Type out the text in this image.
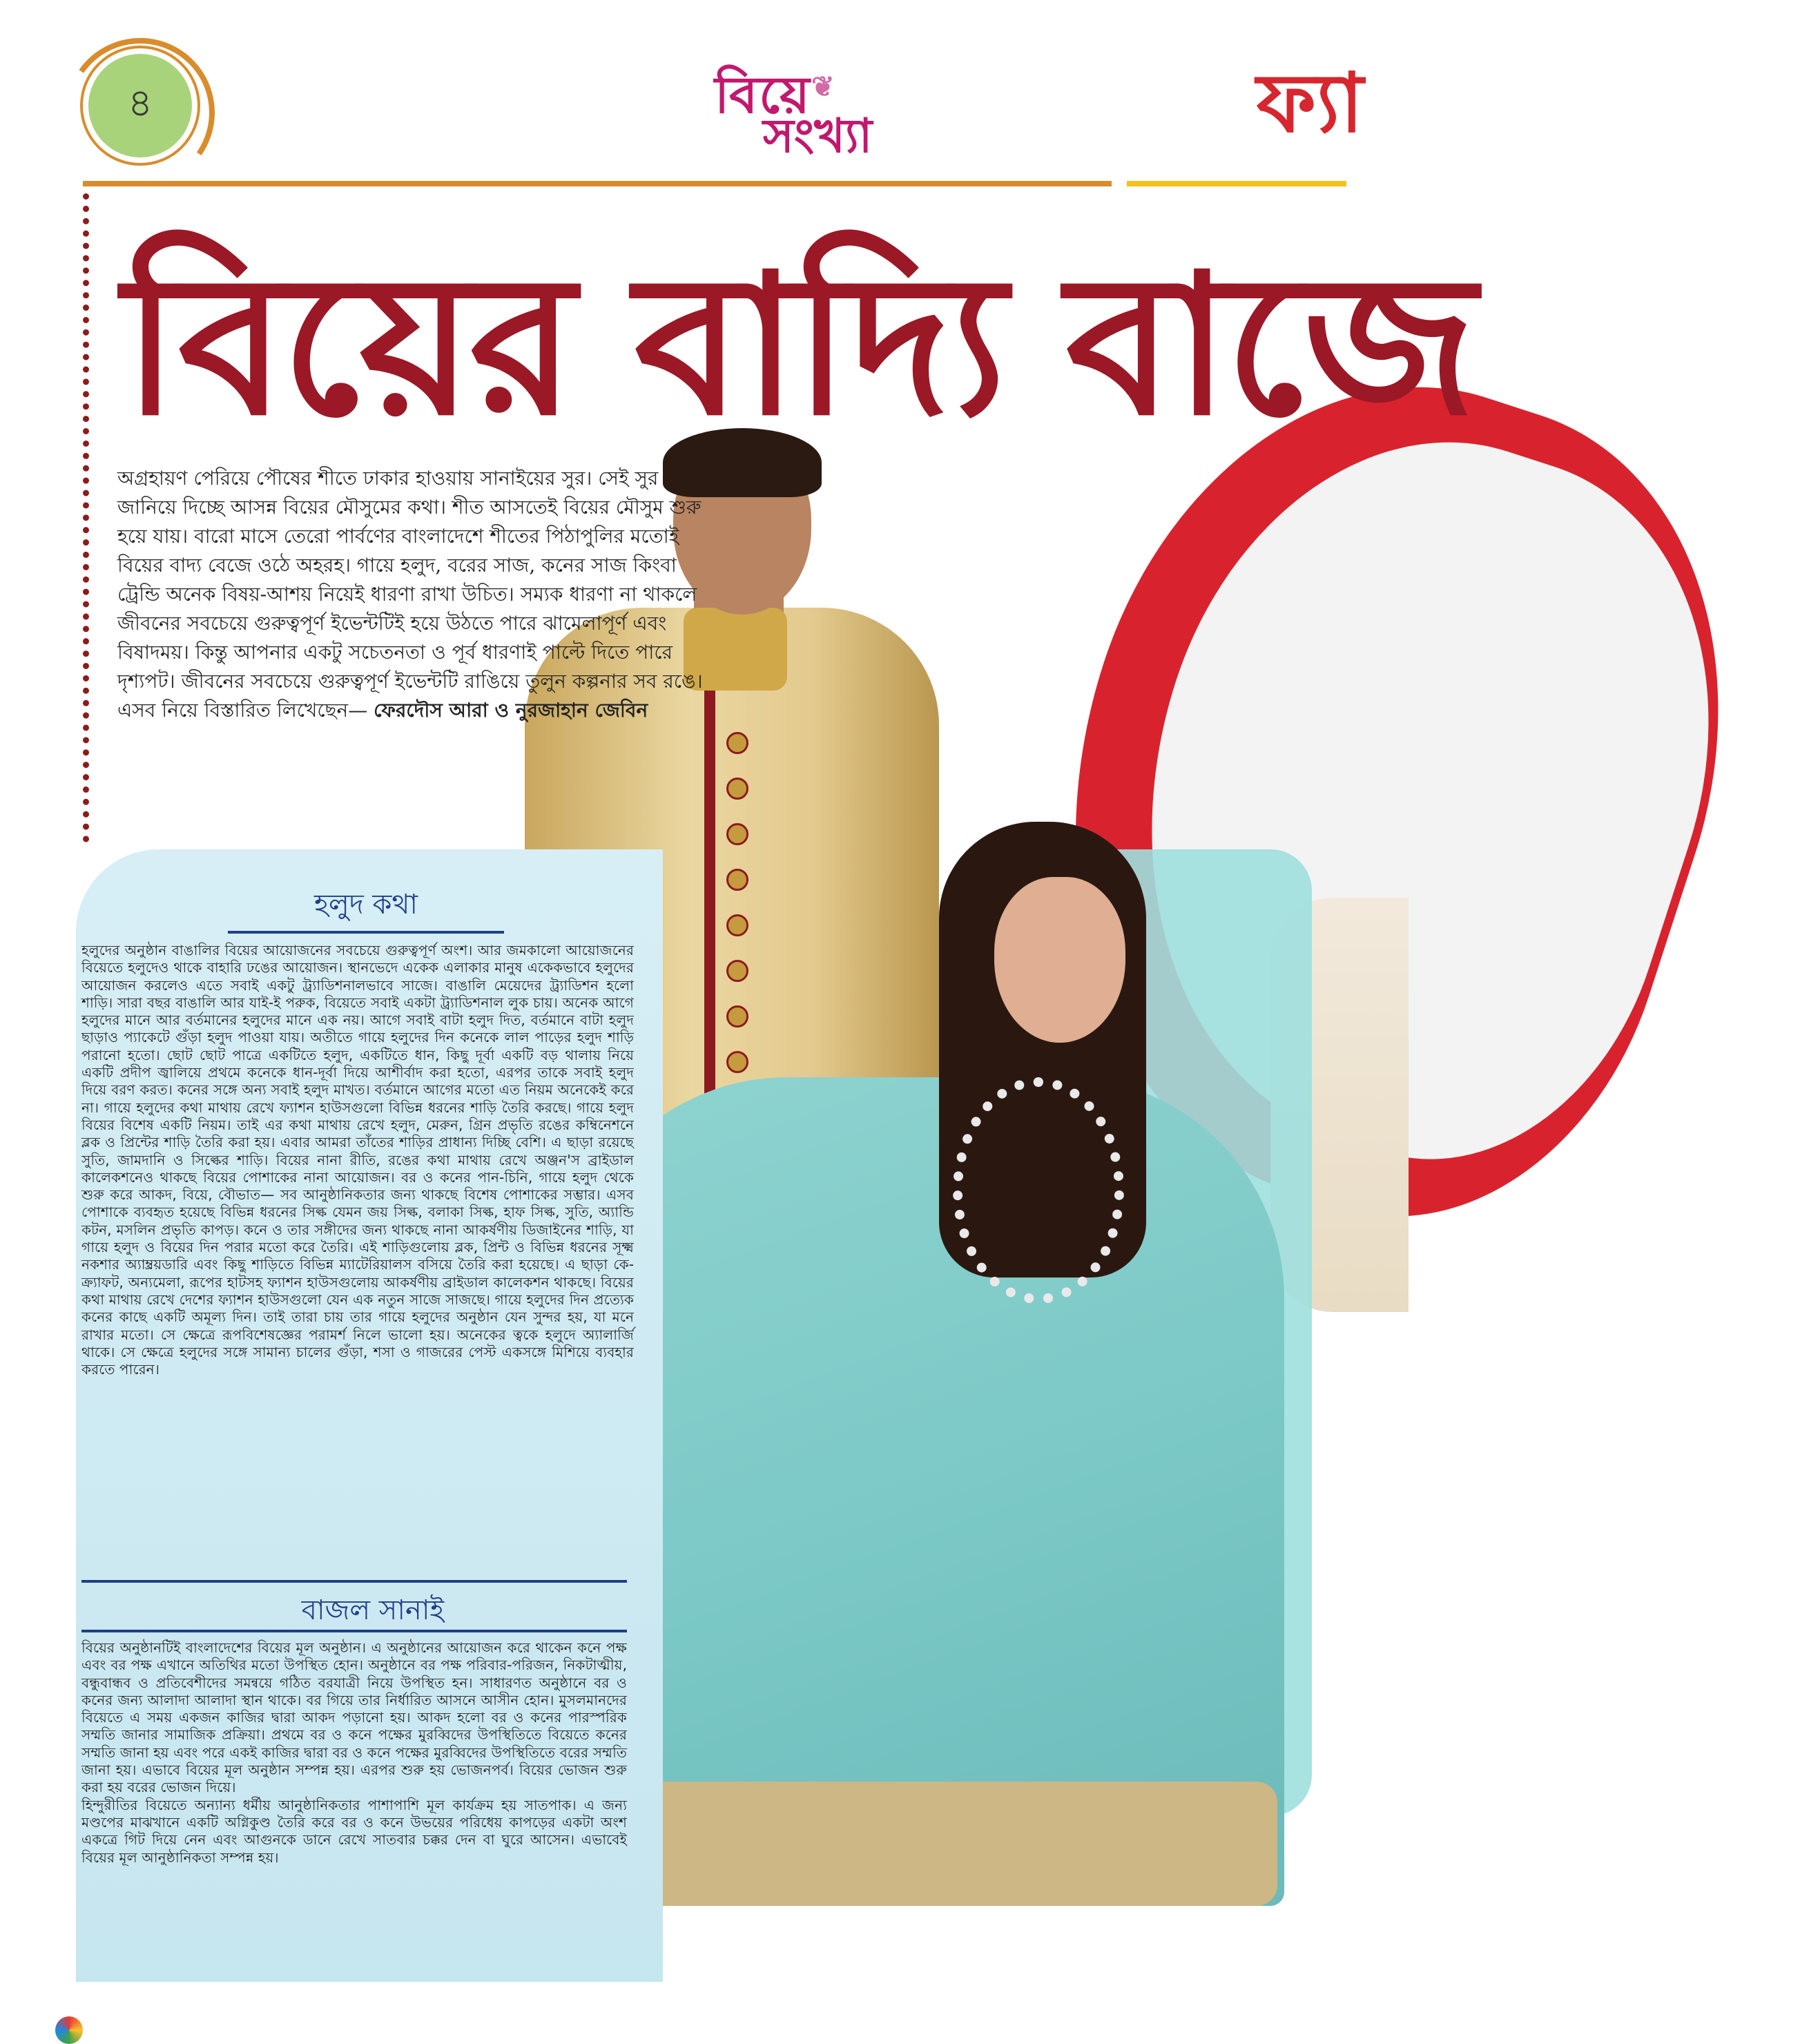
৪	বিয়ে ❦
সংখ্যা	ফ্যা
বিয়ের বাদ্যি বাজে

অগ্রহায়ণ পেরিয়ে পৌষের শীতে ঢাকার হাওয়ায় সানাইয়ের সুর। সেই সুর জানিয়ে দিচ্ছে আসন্ন বিয়ের মৌসুমের কথা। শীত আসতেই বিয়ের মৌসুম শুরু হয়ে যায়। বারো মাসে তেরো পার্বণের বাংলাদেশে শীতের পিঠাপুলির মতোই বিয়ের বাদ্য বেজে ওঠে অহরহ। গায়ে হলুদ, বরের সাজ, কনের সাজ কিংবা ট্রেন্ডি অনেক বিষয়-আশয় নিয়েই ধারণা রাখা উচিত। সম্যক ধারণা না থাকলে জীবনের সবচেয়ে গুরুত্বপূর্ণ ইভেন্টটিই হয়ে উঠতে পারে ঝামেলাপূর্ণ এবং বিষাদময়। কিন্তু আপনার একটু সচেতনতা ও পূর্ব ধারণাই পাল্টে দিতে পারে দৃশ্যপট। জীবনের সবচেয়ে গুরুত্বপূর্ণ ইভেন্টটি রাঙিয়ে তুলুন কল্পনার সব রঙে।

এসব নিয়ে বিস্তারিত লিখেছেন— ফেরদৌস আরা ও নুরজাহান জেবিন

হলুদ কথা

হলুদের অনুষ্ঠান বাঙালির বিয়ের আয়োজনের সবচেয়ে গুরুত্বপূর্ণ অংশ। আর জমকালো আয়োজনের বিয়েতে হলুদেও থাকে বাহারি ঢঙের আয়োজন। স্থানভেদে একেক এলাকার মানুষ একেকভাবে হলুদের আয়োজন করলেও এতে সবাই একটু ট্র্যাডিশনালভাবে সাজে। বাঙালি মেয়েদের ট্র্যাডিশন হলো শাড়ি। সারা বছর বাঙালি আর যাই-ই পরুক, বিয়েতে সবাই একটা ট্র্যাডিশনাল লুক চায়। অনেক আগে হলুদের মানে আর বর্তমানের হলুদের মানে এক নয়। আগে সবাই বাটা হলুদ দিত, বর্তমানে বাটা হলুদ ছাড়াও প্যাকেটে গুঁড়া হলুদ পাওয়া যায়। অতীতে গায়ে হলুদের দিন কনেকে লাল পাড়ের হলুদ শাড়ি পরানো হতো। ছোট ছোট পাত্রে একটিতে হলুদ, একটিতে ধান, কিছু দূর্বা একটি বড় থালায় নিয়ে একটি প্রদীপ জ্বালিয়ে প্রথমে কনেকে ধান-দূর্বা দিয়ে আশীর্বাদ করা হতো, এরপর তাকে সবাই হলুদ দিয়ে বরণ করত। কনের সঙ্গে অন্য সবাই হলুদ মাখত। বর্তমানে আগের মতো এত নিয়ম অনেকেই করে না। গায়ে হলুদের কথা মাথায় রেখে ফ্যাশন হাউসগুলো বিভিন্ন ধরনের শাড়ি তৈরি করছে। গায়ে হলুদ বিয়ের বিশেষ একটি নিয়ম। তাই এর কথা মাথায় রেখে হলুদ, মেরুন, গ্রিন প্রভৃতি রঙের কম্বিনেশনে ব্লক ও প্রিন্টের শাড়ি তৈরি করা হয়। এবার আমরা তাঁতের শাড়ির প্রাধান্য দিচ্ছি বেশি। এ ছাড়া রয়েছে সুতি, জামদানি ও সিল্কের শাড়ি। বিয়ের নানা রীতি, রঙের কথা মাথায় রেখে অঞ্জন'স ব্রাইডাল কালেকশনেও থাকছে বিয়ের পোশাকের নানা আয়োজন। বর ও কনের পান-চিনি, গায়ে হলুদ থেকে শুরু করে আকদ, বিয়ে, বৌভাত— সব আনুষ্ঠানিকতার জন্য থাকছে বিশেষ পোশাকের সম্ভার। এসব পোশাকে ব্যবহৃত হয়েছে বিভিন্ন ধরনের সিল্ক যেমন জয় সিল্ক, বলাকা সিল্ক, হাফ সিল্ক, সুতি, অ্যান্ডি কটন, মসলিন প্রভৃতি কাপড়। কনে ও তার সঙ্গীদের জন্য থাকছে নানা আকর্ষণীয় ডিজাইনের শাড়ি, যা গায়ে হলুদ ও বিয়ের দিন পরার মতো করে তৈরি। এই শাড়িগুলোয় ব্লক, প্রিন্ট ও বিভিন্ন ধরনের সূক্ষ্ম নকশার অ্যাম্ব্রয়ডারি এবং কিছু শাড়িতে বিভিন্ন ম্যাটেরিয়ালস বসিয়ে তৈরি করা হয়েছে। এ ছাড়া কে-ক্র্যাফট, অন্যমেলা, রূপের হাটসহ ফ্যাশন হাউসগুলোয় আকর্ষণীয় ব্রাইডাল কালেকশন থাকছে। বিয়ের কথা মাথায় রেখে দেশের ফ্যাশন হাউসগুলো যেন এক নতুন সাজে সাজছে। গায়ে হলুদের দিন প্রত্যেক কনের কাছে একটি অমূল্য দিন। তাই তারা চায় তার গায়ে হলুদের অনুষ্ঠান যেন সুন্দর হয়, যা মনে রাখার মতো। সে ক্ষেত্রে রূপবিশেষজ্ঞের পরামর্শ নিলে ভালো হয়। অনেকের ত্বকে হলুদে অ্যালার্জি থাকে। সে ক্ষেত্রে হলুদের সঙ্গে সামান্য চালের গুঁড়া, শসা ও গাজরের পেস্ট একসঙ্গে মিশিয়ে ব্যবহার করতে পারেন।

বাজল সানাই

বিয়ের অনুষ্ঠানটিই বাংলাদেশের বিয়ের মূল অনুষ্ঠান। এ অনুষ্ঠানের আয়োজন করে থাকেন কনে পক্ষ এবং বর পক্ষ এখানে অতিথির মতো উপস্থিত হোন। অনুষ্ঠানে বর পক্ষ পরিবার-পরিজন, নিকটাত্মীয়, বন্ধুবান্ধব ও প্রতিবেশীদের সমন্বয়ে গঠিত বরযাত্রী নিয়ে উপস্থিত হন। সাধারণত অনুষ্ঠানে বর ও কনের জন্য আলাদা আলাদা স্থান থাকে। বর গিয়ে তার নির্ধারিত আসনে আসীন হোন। মুসলমানদের বিয়েতে এ সময় একজন কাজির দ্বারা আকদ পড়ানো হয়। আকদ হলো বর ও কনের পারস্পরিক সম্মতি জানার সামাজিক প্রক্রিয়া। প্রথমে বর ও কনে পক্ষের মুরব্বিদের উপস্থিতিতে বিয়েতে কনের সম্মতি জানা হয় এবং পরে একই কাজির দ্বারা বর ও কনে পক্ষের মুরব্বিদের উপস্থিতিতে বরের সম্মতি জানা হয়। এভাবে বিয়ের মূল অনুষ্ঠান সম্পন্ন হয়। এরপর শুরু হয় ভোজনপর্ব। বিয়ের ভোজন শুরু করা হয় বরের ভোজন দিয়ে।

হিন্দুরীতির বিয়েতে অন্যান্য ধর্মীয় আনুষ্ঠানিকতার পাশাপাশি মূল কার্যক্রম হয় সাতপাক। এ জন্য মণ্ডপের মাঝখানে একটি অগ্নিকুণ্ড তৈরি করে বর ও কনে উভয়ের পরিধেয় কাপড়ের একটা অংশ একত্রে গিট দিয়ে নেন এবং আগুনকে ডানে রেখে সাতবার চক্কর দেন বা ঘুরে আসেন। এভাবেই বিয়ের মূল আনুষ্ঠানিকতা সম্পন্ন হয়।
